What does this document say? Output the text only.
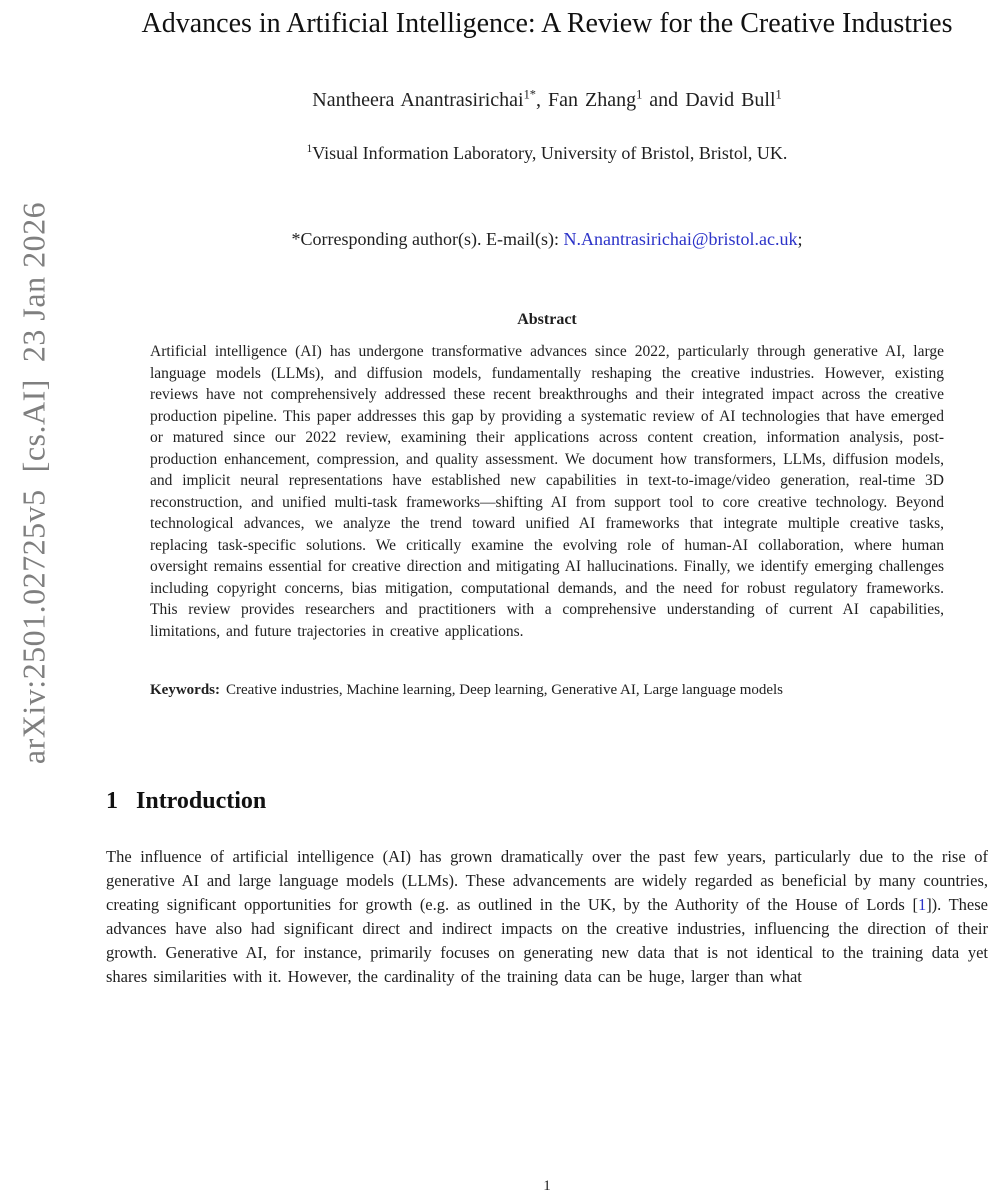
arXiv:2501.02725v5  [cs.AI]  23 Jan 2026
Advances in Artificial Intelligence: A Review for the Creative Industries
Nantheera Anantrasirichai$^{1*}$, Fan Zhang$^1$ and David Bull$^1$
$^1$Visual Information Laboratory, University of Bristol, Bristol, UK.
*Corresponding author(s). E-mail(s): N.Anantrasirichai@bristol.ac.uk;
Abstract
Artificial intelligence (AI) has undergone transformative advances since 2022, particularly through generative AI, large language models (LLMs), and diffusion models, fundamentally reshaping the creative industries. However, existing reviews have not comprehensively addressed these recent breakthroughs and their integrated impact across the creative production pipeline. This paper addresses this gap by providing a systematic review of AI technologies that have emerged or matured since our 2022 review, examining their applications across content creation, information analysis, post-production enhancement, compression, and quality assessment. We document how transformers, LLMs, diffusion models, and implicit neural representations have established new capabilities in text-to-image/video generation, real-time 3D reconstruction, and unified multi-task frameworks—shifting AI from support tool to core creative technology. Beyond technological advances, we analyze the trend toward unified AI frameworks that integrate multiple creative tasks, replacing task-specific solutions. We critically examine the evolving role of human-AI collaboration, where human oversight remains essential for creative direction and mitigating AI hallucinations. Finally, we identify emerging challenges including copyright concerns, bias mitigation, computational demands, and the need for robust regulatory frameworks. This review provides researchers and practitioners with a comprehensive understanding of current AI capabilities, limitations, and future trajectories in creative applications.
Keywords: Creative industries, Machine learning, Deep learning, Generative AI, Large language models
1 Introduction
The influence of artificial intelligence (AI) has grown dramatically over the past few years, particularly due to the rise of generative AI and large language models (LLMs). These advancements are widely regarded as beneficial by many countries, creating significant opportunities for growth (e.g. as outlined in the UK, by the Authority of the House of Lords [1]). These advances have also had significant direct and indirect impacts on the creative industries, influencing the direction of their growth. Generative AI, for instance, primarily focuses on generating new data that is not identical to the training data yet shares similarities with it. However, the cardinality of the training data can be huge, larger than what
1
